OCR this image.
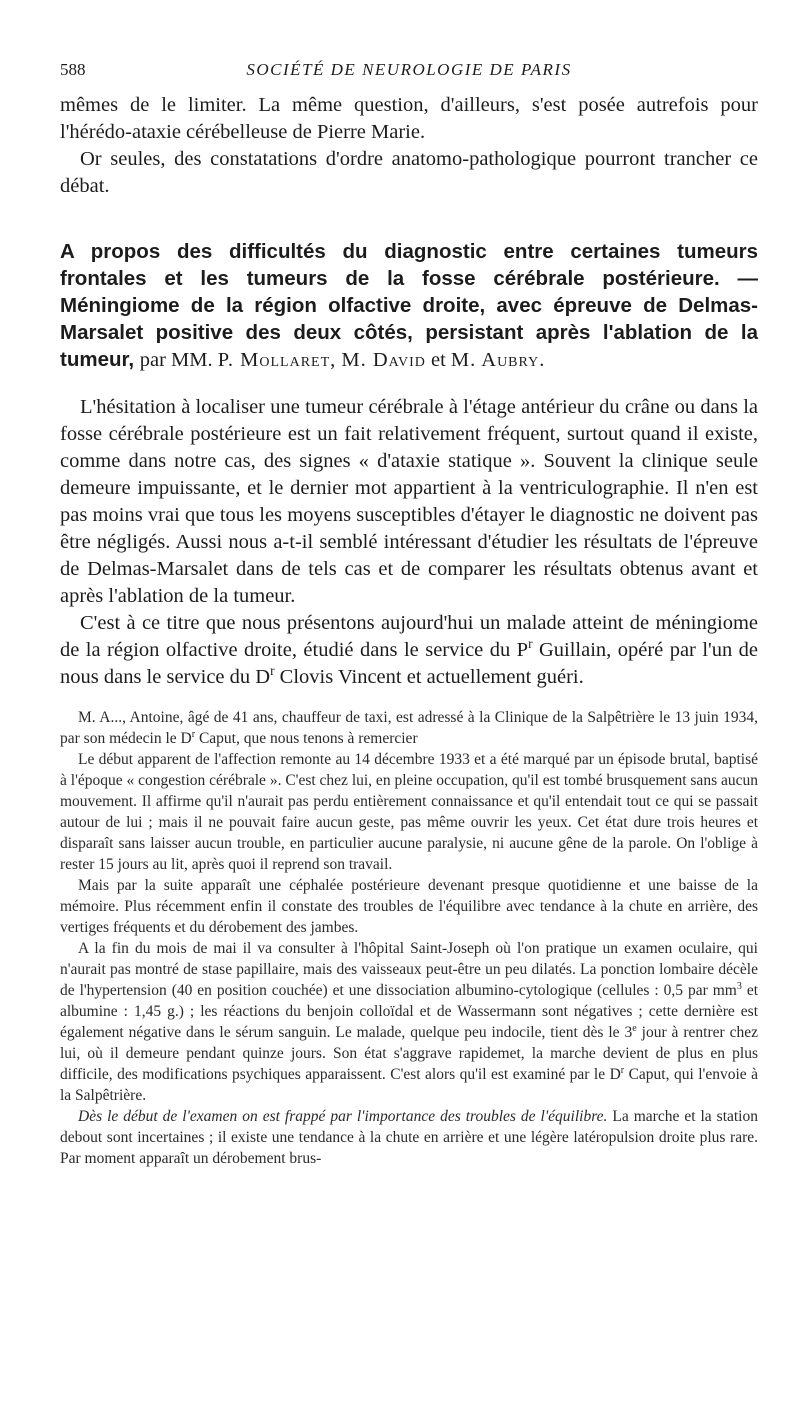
588	SOCIÉTÉ DE NEUROLOGIE DE PARIS

mêmes de le limiter. La même question, d'ailleurs, s'est posée autrefois pour l'hérédo-ataxie cérébelleuse de Pierre Marie.

Or seules, des constatations d'ordre anatomo-pathologique pourront trancher ce débat.

A propos des difficultés du diagnostic entre certaines tumeurs frontales et les tumeurs de la fosse cérébrale postérieure. —Méningiome de la région olfactive droite, avec épreuve de Delmas-Marsalet positive des deux côtés, persistant après l'ablation de la tumeur, par MM. P. Mollaret, M. David et M. Aubry.

L'hésitation à localiser une tumeur cérébrale à l'étage antérieur du crâne ou dans la fosse cérébrale postérieure est un fait relativement fréquent, surtout quand il existe, comme dans notre cas, des signes « d'ataxie statique ». Souvent la clinique seule demeure impuissante, et le dernier mot appartient à la ventriculographie. Il n'en est pas moins vrai que tous les moyens susceptibles d'étayer le diagnostic ne doivent pas être négligés. Aussi nous a-t-il semblé intéressant d'étudier les résultats de l'épreuve de Delmas-Marsalet dans de tels cas et de comparer les résultats obtenus avant et après l'ablation de la tumeur.

C'est à ce titre que nous présentons aujourd'hui un malade atteint de méningiome de la région olfactive droite, étudié dans le service du $P^r$ Guillain, opéré par l'un de nous dans le service du $D^r$ Clovis Vincent et actuellement guéri.

M. A..., Antoine, âgé de 41 ans, chauffeur de taxi, est adressé à la Clinique de la Salpêtrière le 13 juin 1934, par son médecin le $D^r$ Caput, que nous tenons à remercier

Le début apparent de l'affection remonte au 14 décembre 1933 et a été marqué par un épisode brutal, baptisé à l'époque « congestion cérébrale ». C'est chez lui, en pleine occupation, qu'il est tombé brusquement sans aucun mouvement. Il affirme qu'il n'aurait pas perdu entièrement connaissance et qu'il entendait tout ce qui se passait autour de lui ; mais il ne pouvait faire aucun geste, pas même ouvrir les yeux. Cet état dure trois heures et disparaît sans laisser aucun trouble, en particulier aucune paralysie, ni aucune gêne de la parole. On l'oblige à rester 15 jours au lit, après quoi il reprend son travail.

Mais par la suite apparaît une céphalée postérieure devenant presque quotidienne et une baisse de la mémoire. Plus récemment enfin il constate des troubles de l'équilibre avec tendance à la chute en arrière, des vertiges fréquents et du dérobement des jambes.

A la fin du mois de mai il va consulter à l'hôpital Saint-Joseph où l'on pratique un examen oculaire, qui n'aurait pas montré de stase papillaire, mais des vaisseaux peut-être un peu dilatés. La ponction lombaire décèle de l'hypertension (40 en position couchée) et une dissociation albumino-cytologique (cellules : 0,5 par $mm^3$ et albumine : 1,45 g.) ; les réactions du benjoin colloïdal et de Wassermann sont négatives ; cette dernière est également négative dans le sérum sanguin. Le malade, quelque peu indocile, tient dès le 3e jour à rentrer chez lui, où il demeure pendant quinze jours. Son état s'aggrave rapidemet, la marche devient de plus en plus difficile, des modifications psychiques apparaissent. C'est alors qu'il est examiné par le $D^r$ Caput, qui l'envoie à la Salpêtrière.

Dès le début de l'examen on est frappé par l'importance des troubles de l'équilibre. La marche et la station debout sont incertaines ; il existe une tendance à la chute en arrière et une légère latéropulsion droite plus rare. Par moment apparaît un dérobement brus-
